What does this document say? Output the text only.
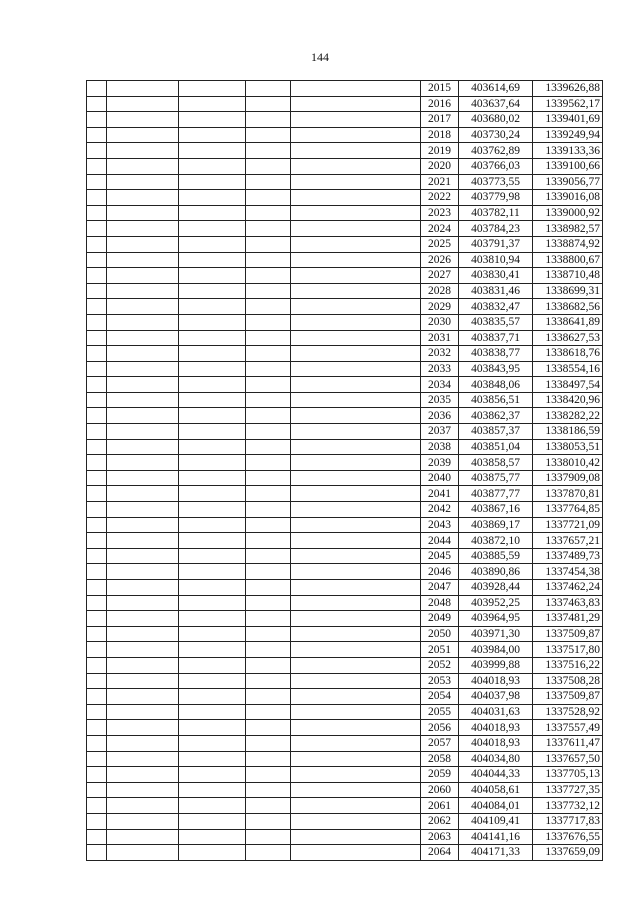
144
					2015	403614,69	1339626,88
					2016	403637,64	1339562,17
					2017	403680,02	1339401,69
					2018	403730,24	1339249,94
					2019	403762,89	1339133,36
					2020	403766,03	1339100,66
					2021	403773,55	1339056,77
					2022	403779,98	1339016,08
					2023	403782,11	1339000,92
					2024	403784,23	1338982,57
					2025	403791,37	1338874,92
					2026	403810,94	1338800,67
					2027	403830,41	1338710,48
					2028	403831,46	1338699,31
					2029	403832,47	1338682,56
					2030	403835,57	1338641,89
					2031	403837,71	1338627,53
					2032	403838,77	1338618,76
					2033	403843,95	1338554,16
					2034	403848,06	1338497,54
					2035	403856,51	1338420,96
					2036	403862,37	1338282,22
					2037	403857,37	1338186,59
					2038	403851,04	1338053,51
					2039	403858,57	1338010,42
					2040	403875,77	1337909,08
					2041	403877,77	1337870,81
					2042	403867,16	1337764,85
					2043	403869,17	1337721,09
					2044	403872,10	1337657,21
					2045	403885,59	1337489,73
					2046	403890,86	1337454,38
					2047	403928,44	1337462,24
					2048	403952,25	1337463,83
					2049	403964,95	1337481,29
					2050	403971,30	1337509,87
					2051	403984,00	1337517,80
					2052	403999,88	1337516,22
					2053	404018,93	1337508,28
					2054	404037,98	1337509,87
					2055	404031,63	1337528,92
					2056	404018,93	1337557,49
					2057	404018,93	1337611,47
					2058	404034,80	1337657,50
					2059	404044,33	1337705,13
					2060	404058,61	1337727,35
					2061	404084,01	1337732,12
					2062	404109,41	1337717,83
					2063	404141,16	1337676,55
					2064	404171,33	1337659,09
